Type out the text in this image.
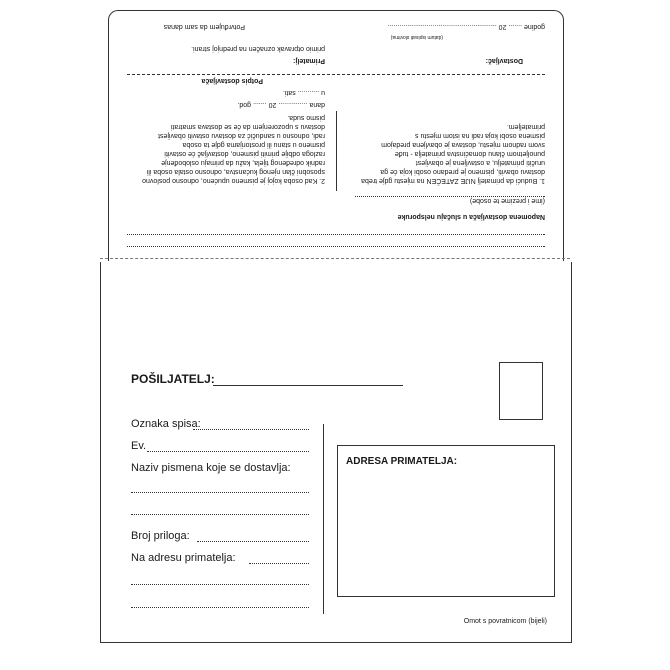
Napomena dostavljača u slučaju nelsporuke
(ime i prezime te osobe)
1. Budući da primatelj NIJE ZATEČEN na mjestu gdje treba
dostavu obaviti, pismeno je predano osobi koja će ga
uručiti primatelju, a ostavljena je obavijest
punoljetnom članu domaćinstva primatelja - tuđe
svom radnom mjestu, dostava je obavljena predajom
pismena osobi koja radi na istom mjestu s
primateljem.
2. Kad osoba kojoj je pismeno upućeno, odnosno poslovno
sposobni član njenog kućanstva, odnosno ostala osoba ili
radnik određenog tijela, kažu da primaju oslobođenje
razloga odbije primiti pismeno, dostavljač će ostaviti
pismeno u stanu ili prostorijama gdje ta osoba
radi, odnosno u sandučić za dostavu ostaviti obavijest
dostavu s upozorenjem da će se dostava smatrati
pismo suda.
dana ............... 20 ....... god.
u ........... sati.
Potpis dostavljača
Dostavljač:
Primatelj:
primio otpravak označen na prednjoj strani.
(datum ispisati slovima)
godine ....... 20 ........................................................
Potvrđujem da sam danas
POŠILJATELJ:
Oznaka spisa:
Ev.
Naziv pismena koje se dostavlja:
Broj priloga:
Na adresu primatelja:
ADRESA PRIMATELJA:
Omot s povratnicom (bijeli)
